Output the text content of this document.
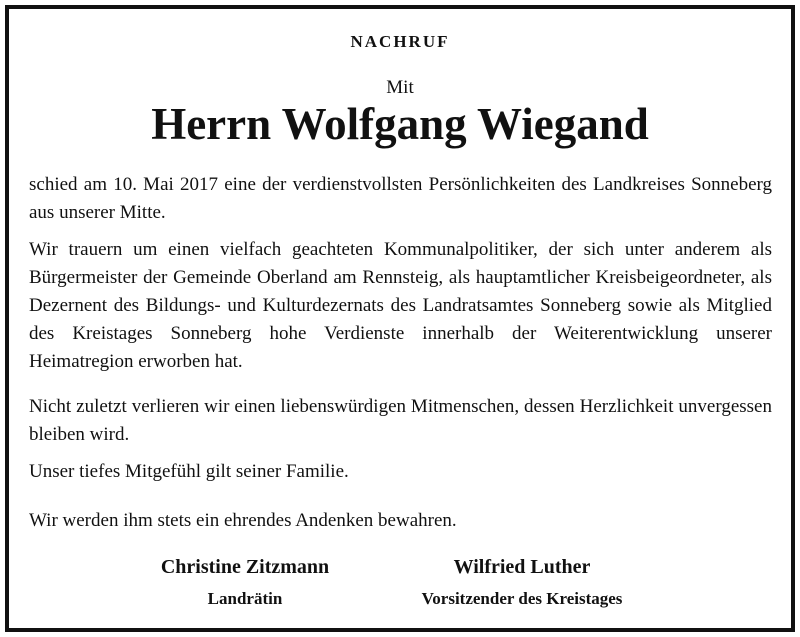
NACHRUF
Mit
Herrn Wolfgang Wiegand
schied am 10. Mai 2017 eine der verdienstvollsten Persönlichkeiten des Landkreises Sonneberg aus unserer Mitte.
Wir trauern um einen vielfach geachteten Kommunalpolitiker, der sich unter anderem als Bürgermeister der Gemeinde Oberland am Rennsteig, als hauptamtlicher Kreisbeigeordneter, als Dezernent des Bildungs- und Kulturdezernats des Landratsamtes Sonneberg sowie als Mitglied des Kreistages Sonneberg hohe Verdienste innerhalb der Weiterentwicklung unserer Heimatregion erworben hat.
Nicht zuletzt verlieren wir einen liebenswürdigen Mitmenschen, dessen Herzlichkeit unvergessen bleiben wird.
Unser tiefes Mitgefühl gilt seiner Familie.
Wir werden ihm stets ein ehrendes Andenken bewahren.
Christine Zitzmann
Landrätin
Wilfried Luther
Vorsitzender des Kreistages
